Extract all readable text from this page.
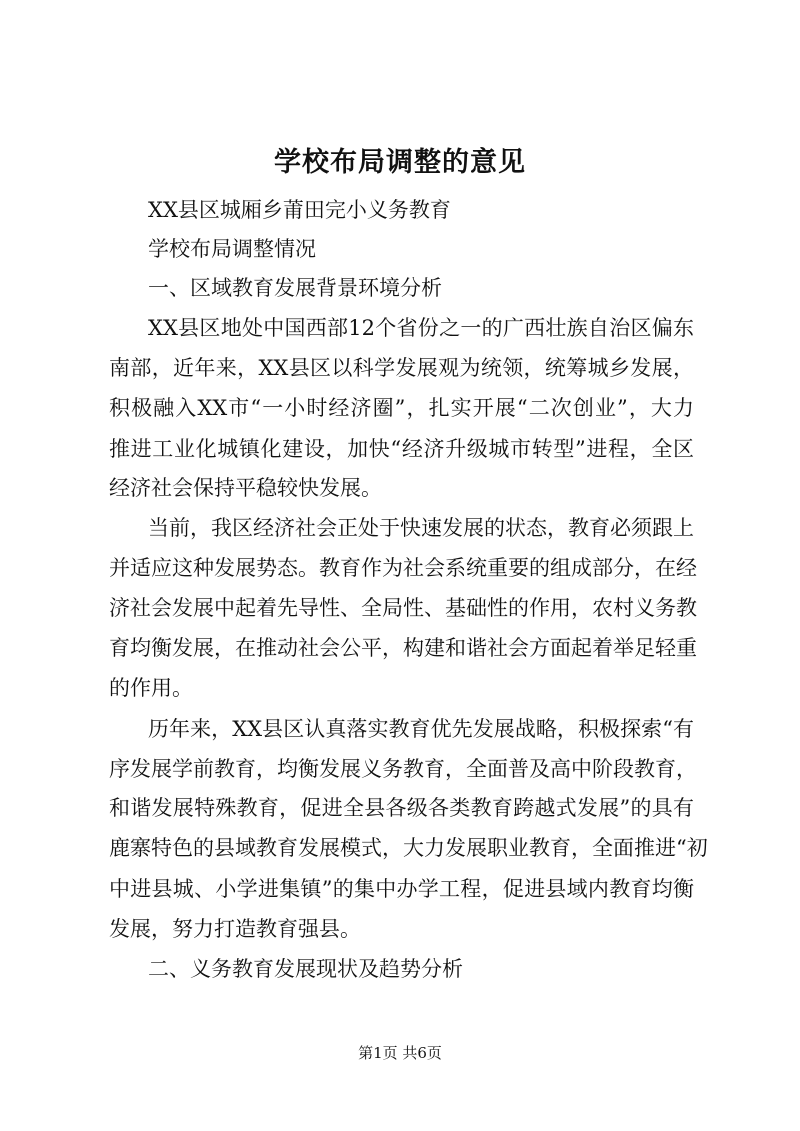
学校布局调整的意见
XX县区城厢乡莆田完小义务教育
学校布局调整情况
一、区域教育发展背景环境分析
XX县区地处中国西部12个省份之一的广西壮族自治区偏东
南部，近年来，XX县区以科学发展观为统领，统筹城乡发展，
积极融入XX市“一小时经济圈”，扎实开展“二次创业”，大力
推进工业化城镇化建设，加快“经济升级城市转型”进程，全区
经济社会保持平稳较快发展。
当前，我区经济社会正处于快速发展的状态，教育必须跟上
并适应这种发展势态。教育作为社会系统重要的组成部分，在经
济社会发展中起着先导性、全局性、基础性的作用，农村义务教
育均衡发展，在推动社会公平，构建和谐社会方面起着举足轻重
的作用。
历年来，XX县区认真落实教育优先发展战略，积极探索“有
序发展学前教育，均衡发展义务教育，全面普及高中阶段教育，
和谐发展特殊教育，促进全县各级各类教育跨越式发展”的具有
鹿寨特色的县域教育发展模式，大力发展职业教育，全面推进“初
中进县城、小学进集镇”的集中办学工程，促进县域内教育均衡
发展，努力打造教育强县。
二、义务教育发展现状及趋势分析
第1页 共6页
